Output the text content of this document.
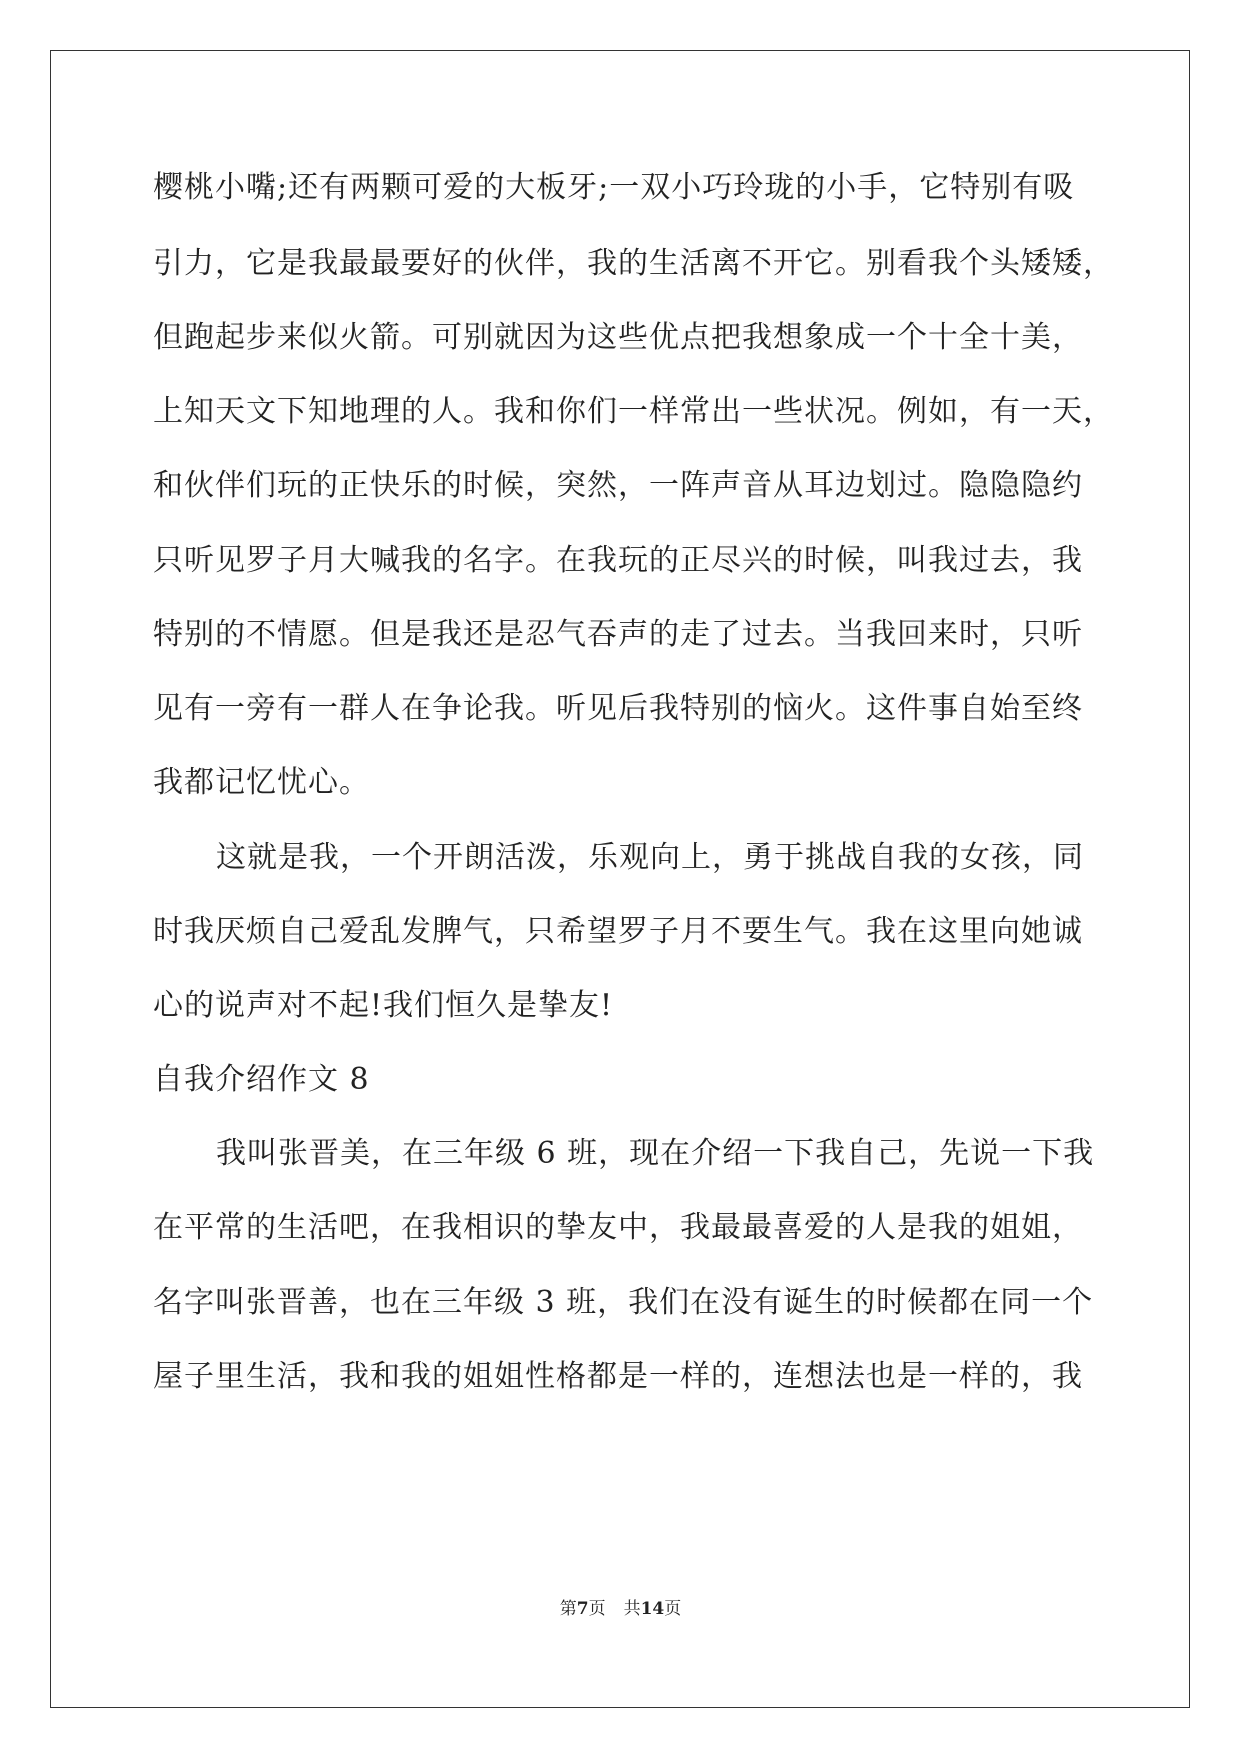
樱桃小嘴;还有两颗可爱的大板牙;一双小巧玲珑的小手，它特别有吸
引力，它是我最最要好的伙伴，我的生活离不开它。别看我个头矮矮，
但跑起步来似火箭。可别就因为这些优点把我想象成一个十全十美，
上知天文下知地理的人。我和你们一样常出一些状况。例如，有一天，
和伙伴们玩的正快乐的时候，突然，一阵声音从耳边划过。隐隐隐约
只听见罗子月大喊我的名字。在我玩的正尽兴的时候，叫我过去，我
特别的不情愿。但是我还是忍气吞声的走了过去。当我回来时，只听
见有一旁有一群人在争论我。听见后我特别的恼火。这件事自始至终
我都记忆忧心。
这就是我，一个开朗活泼，乐观向上，勇于挑战自我的女孩，同
时我厌烦自己爱乱发脾气，只希望罗子月不要生气。我在这里向她诚
心的说声对不起!我们恒久是挚友!
自我介绍作文 8
我叫张晋美，在三年级 6 班，现在介绍一下我自己，先说一下我
在平常的生活吧，在我相识的挚友中，我最最喜爱的人是我的姐姐，
名字叫张晋善，也在三年级 3 班，我们在没有诞生的时候都在同一个
屋子里生活，我和我的姐姐性格都是一样的，连想法也是一样的，我
第7页 共14页
